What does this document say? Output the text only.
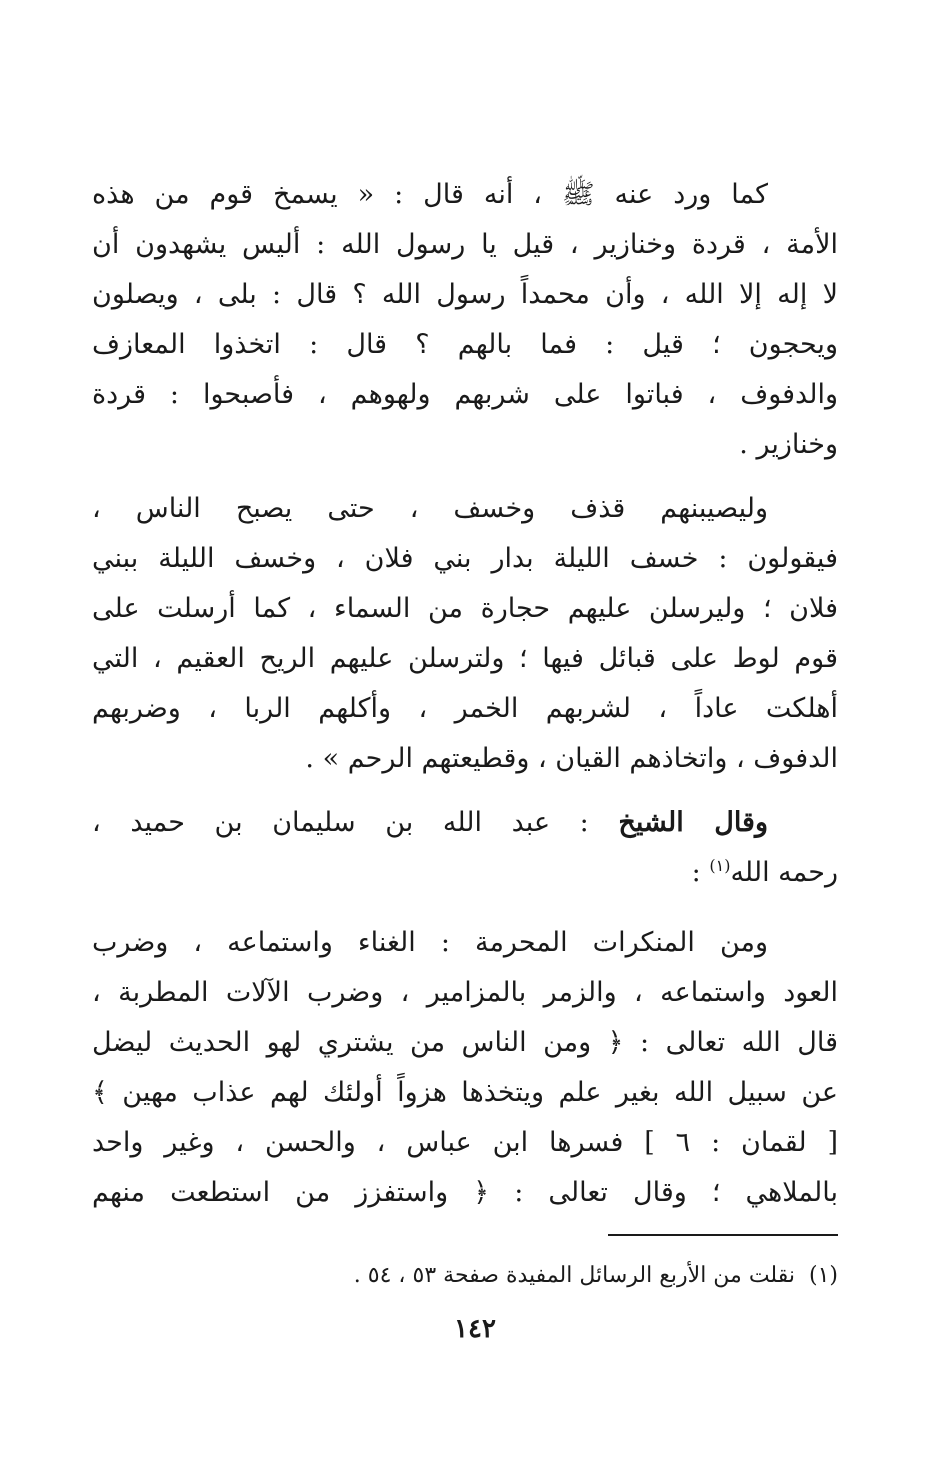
كما ورد عنه ﷺ ، أنه قال : « يسمخ قوم من هذه
الأمة ، قردة وخنازير ، قيل يا رسول الله : أليس يشهدون أن
لا إله إلا الله ، وأن محمداً رسول الله ؟ قال : بلى ، ويصلون
ويحجون ؛ قيل : فما بالهم ؟ قال : اتخذوا المعازف
والدفوف ، فباتوا على شربهم ولهوهم ، فأصبحوا : قردة
وخنازير .
وليصيبنهم قذف وخسف ، حتى يصبح الناس ،
فيقولون : خسف الليلة بدار بني فلان ، وخسف الليلة ببني
فلان ؛ وليرسلن عليهم حجارة من السماء ، كما أرسلت على
قوم لوط على قبائل فيها ؛ ولترسلن عليهم الريح العقيم ، التي
أهلكت عاداً ، لشربهم الخمر ، وأكلهم الربا ، وضربهم
الدفوف ، واتخاذهم القيان ، وقطيعتهم الرحم » .
وقال الشيخ : عبد الله بن سليمان بن حميد ،
رحمه الله$^{(١)}$ :
ومن المنكرات المحرمة : الغناء واستماعه ، وضرب
العود واستماعه ، والزمر بالمزامير ، وضرب الآلات المطربة ،
قال الله تعالى : ﴿ ومن الناس من يشتري لهو الحديث ليضل
عن سبيل الله بغير علم ويتخذها هزواً أولئك لهم عذاب مهين ﴾
[ لقمان : ٦ ] فسرها ابن عباس ، والحسن ، وغير واحد
بالملاهي ؛ وقال تعالى : ﴿ واستفزز من استطعت منهم
(١)نقلت من الأربع الرسائل المفيدة صفحة ٥٣ ، ٥٤ .
١٤٢
